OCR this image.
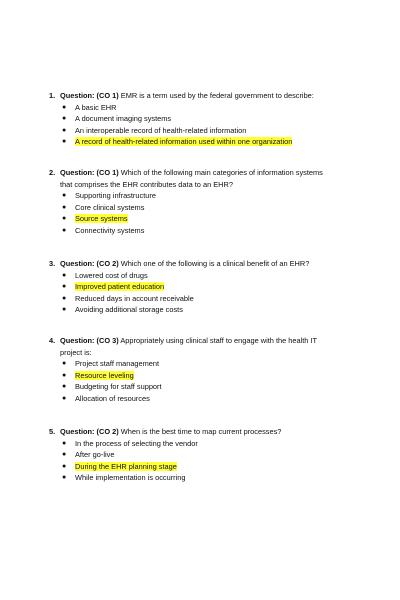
1. Question: (CO 1) EMR is a term used by the federal government to describe:
● A basic EHR
● A document imaging systems
● An interoperable record of health-related information
● A record of health-related information used within one organization
2. Question: (CO 1) Which of the following main categories of information systems
that comprises the EHR contributes data to an EHR?
● Supporting infrastructure
● Core clinical systems
● Source systems
● Connectivity systems
3. Question: (CO 2) Which one of the following is a clinical benefit of an EHR?
● Lowered cost of drugs
● Improved patient education
● Reduced days in account receivable
● Avoiding additional storage costs
4. Question: (CO 3) Appropriately using clinical staff to engage with the health IT
project is:
● Project staff management
● Resource leveling
● Budgeting for staff support
● Allocation of resources
5. Question: (CO 2) When is the best time to map current processes?
● In the process of selecting the vendor
● After go-live
● During the EHR planning stage
● While implementation is occurring
